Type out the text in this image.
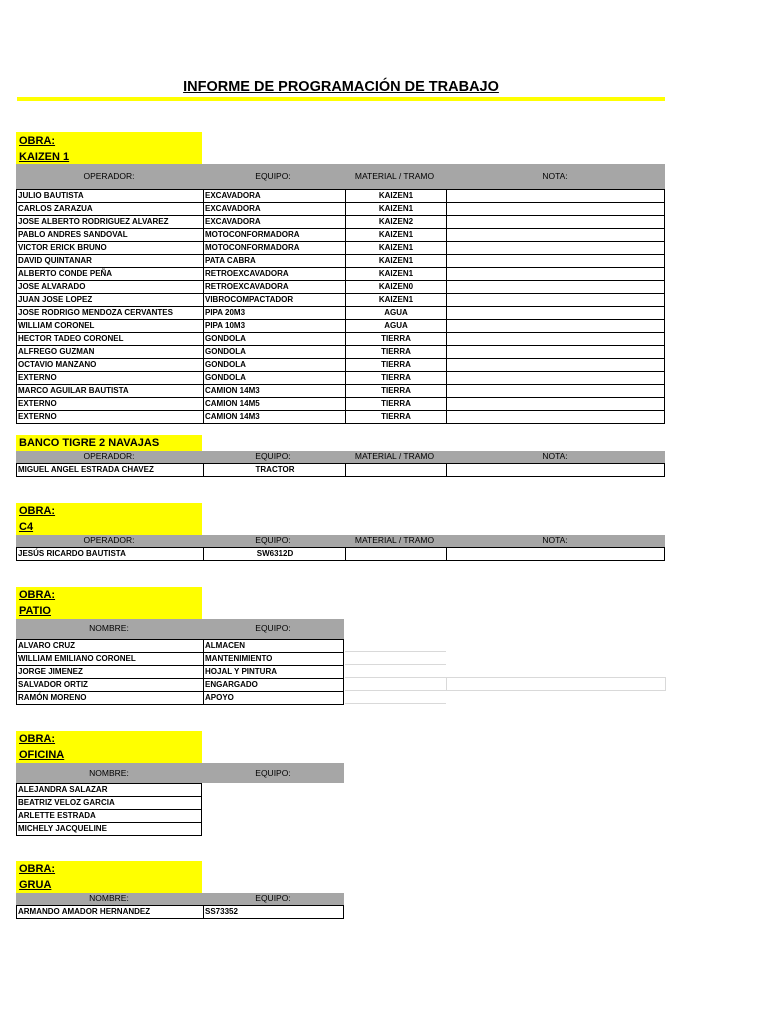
INFORME DE PROGRAMACIÓN DE TRABAJO
OBRA:
KAIZEN 1
OPERADOR:	EQUIPO:	MATERIAL / TRAMO	NOTA:
JULIO BAUTISTA	EXCAVADORA	KAIZEN1
CARLOS ZARAZUA	EXCAVADORA	KAIZEN1
JOSE ALBERTO RODRIGUEZ ALVAREZ	EXCAVADORA	KAIZEN2
PABLO ANDRES SANDOVAL	MOTOCONFORMADORA	KAIZEN1
VICTOR ERICK BRUNO	MOTOCONFORMADORA	KAIZEN1
DAVID QUINTANAR	PATA CABRA	KAIZEN1
ALBERTO CONDE PEÑA	RETROEXCAVADORA	KAIZEN1
JOSE ALVARADO	RETROEXCAVADORA	KAIZEN0
JUAN JOSE LOPEZ	VIBROCOMPACTADOR	KAIZEN1
JOSE RODRIGO MENDOZA CERVANTES	PIPA 20M3	AGUA
WILLIAM CORONEL	PIPA 10M3	AGUA
HECTOR TADEO CORONEL	GONDOLA	TIERRA
ALFREGO GUZMAN	GONDOLA	TIERRA
OCTAVIO MANZANO	GONDOLA	TIERRA
EXTERNO	GONDOLA	TIERRA
MARCO AGUILAR BAUTISTA	CAMION 14M3	TIERRA
EXTERNO	CAMION 14M5	TIERRA
EXTERNO	CAMION 14M3	TIERRA
BANCO TIGRE 2 NAVAJAS
OPERADOR:	EQUIPO:	MATERIAL / TRAMO	NOTA:
MIGUEL ANGEL ESTRADA CHAVEZ	TRACTOR
OBRA:
C4
OPERADOR:	EQUIPO:	MATERIAL / TRAMO	NOTA:
JESÚS RICARDO BAUTISTA	SW6312D
OBRA:
PATIO
NOMBRE:	EQUIPO:
ALVARO CRUZ	ALMACEN
WILLIAM EMILIANO CORONEL	MANTENIMIENTO
JORGE JIMENEZ	HOJAL Y PINTURA
SALVADOR ORTIZ	ENGARGADO
RAMÓN MORENO	APOYO
OBRA:
OFICINA
NOMBRE:	EQUIPO:
ALEJANDRA SALAZAR
BEATRIZ VELOZ GARCIA
ARLETTE ESTRADA
MICHELY JACQUELINE
OBRA:
GRUA
NOMBRE:	EQUIPO:
ARMANDO AMADOR HERNANDEZ	SS73352
